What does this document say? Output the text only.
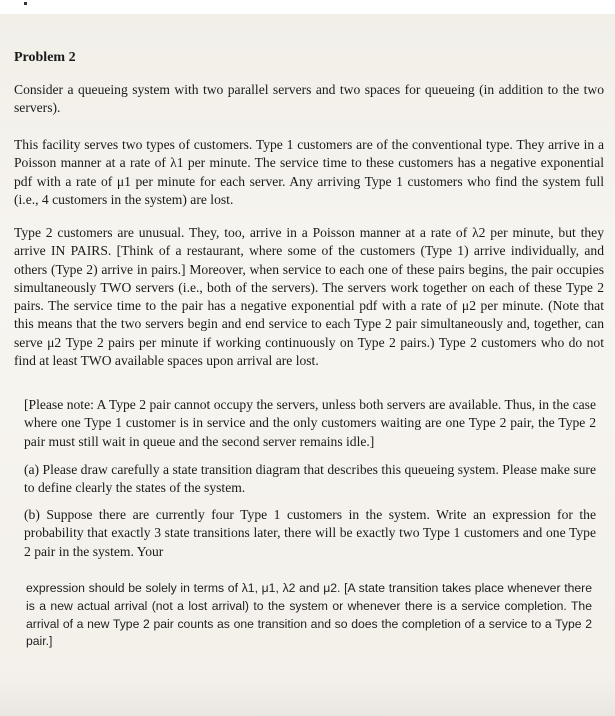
Problem 2

Consider a queueing system with two parallel servers and two spaces for queueing (in addition to the two servers).

This facility serves two types of customers. Type 1 customers are of the conventional type. They arrive in a Poisson manner at a rate of λ1 per minute. The service time to these customers has a negative exponential pdf with a rate of μ1 per minute for each server. Any arriving Type 1 customers who find the system full (i.e., 4 customers in the system) are lost.

Type 2 customers are unusual. They, too, arrive in a Poisson manner at a rate of λ2 per minute, but they arrive IN PAIRS. [Think of a restaurant, where some of the customers (Type 1) arrive individually, and others (Type 2) arrive in pairs.] Moreover, when service to each one of these pairs begins, the pair occupies simultaneously TWO servers (i.e., both of the servers). The servers work together on each of these Type 2 pairs. The service time to the pair has a negative exponential pdf with a rate of μ2 per minute. (Note that this means that the two servers begin and end service to each Type 2 pair simultaneously and, together, can serve μ2 Type 2 pairs per minute if working continuously on Type 2 pairs.) Type 2 customers who do not find at least TWO available spaces upon arrival are lost.

[Please note: A Type 2 pair cannot occupy the servers, unless both servers are available. Thus, in the case where one Type 1 customer is in service and the only customers waiting are one Type 2 pair, the Type 2 pair must still wait in queue and the second server remains idle.]

(a) Please draw carefully a state transition diagram that describes this queueing system. Please make sure to define clearly the states of the system.

(b) Suppose there are currently four Type 1 customers in the system. Write an expression for the probability that exactly 3 state transitions later, there will be exactly two Type 1 customers and one Type 2 pair in the system. Your

expression should be solely in terms of λ1, μ1, λ2 and μ2. [A state transition takes place whenever there is a new actual arrival (not a lost arrival) to the system or whenever there is a service completion. The arrival of a new Type 2 pair counts as one transition and so does the completion of a service to a Type 2 pair.]
